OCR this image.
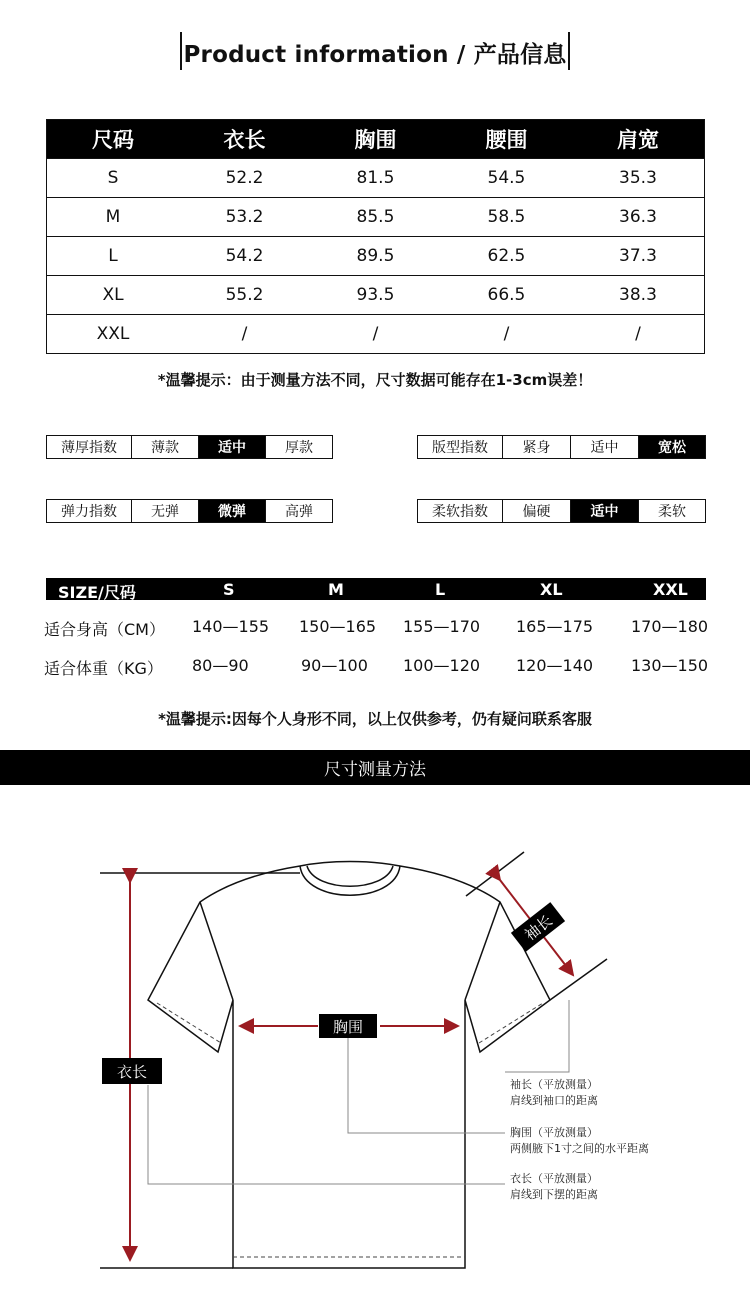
Product information / 产品信息
尺码	衣长	胸围	腰围	肩宽
S	52.2	81.5	54.5	35.3
M	53.2	85.5	58.5	36.3
L	54.2	89.5	62.5	37.3
XL	55.2	93.5	66.5	38.3
XXL	/	/	/	/
*温馨提示：由于测量方法不同，尺寸数据可能存在1-3cm误差！
薄厚指数	薄款	适中	厚款	版型指数	紧身	适中	宽松
弹力指数	无弹	微弹	高弹	柔软指数	偏硬	适中	柔软
SIZE/尺码	S	M	L	XL	XXL
适合身高（CM） 140—155 150—165 155—170 165—175 170—180
适合体重（KG） 80—90	90—100 100—120 120—140 130—150
*温馨提示:因每个人身形不同，以上仅供参考，仍有疑问联系客服
尺寸测量方法
胸围
衣长
袖长
袖长（平放测量）
肩线到袖口的距离
胸围（平放测量）
两侧腋下1寸之间的水平距离
衣长（平放测量）
肩线到下摆的距离
